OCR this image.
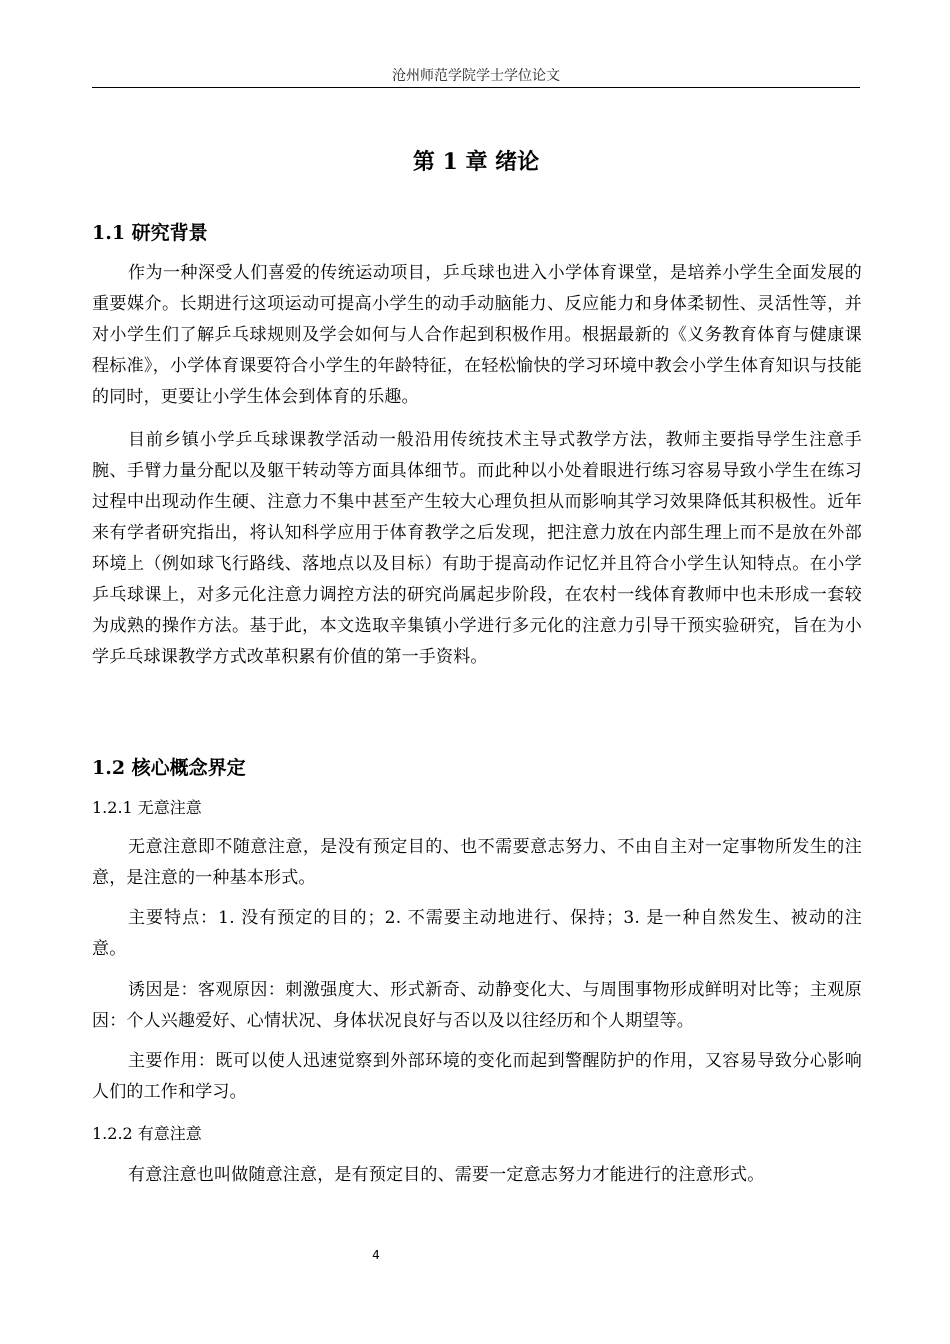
沧州师范学院学士学位论文
第 1 章 绪论
1.1 研究背景

作为一种深受人们喜爱的传统运动项目，乒乓球也进入小学体育课堂，是培养小学生全面发展的重要媒介。长期进行这项运动可提高小学生的动手动脑能力、反应能力和身体柔韧性、灵活性等，并对小学生们了解乒乓球规则及学会如何与人合作起到积极作用。根据最新的《义务教育体育与健康课程标准》，小学体育课要符合小学生的年龄特征，在轻松愉快的学习环境中教会小学生体育知识与技能的同时，更要让小学生体会到体育的乐趣。

目前乡镇小学乒乓球课教学活动一般沿用传统技术主导式教学方法，教师主要指导学生注意手腕、手臂力量分配以及躯干转动等方面具体细节。而此种以小处着眼进行练习容易导致小学生在练习过程中出现动作生硬、注意力不集中甚至产生较大心理负担从而影响其学习效果降低其积极性。近年来有学者研究指出，将认知科学应用于体育教学之后发现，把注意力放在内部生理上而不是放在外部环境上（例如球飞行路线、落地点以及目标）有助于提高动作记忆并且符合小学生认知特点。在小学乒乓球课上，对多元化注意力调控方法的研究尚属起步阶段，在农村一线体育教师中也未形成一套较为成熟的操作方法。基于此，本文选取辛集镇小学进行多元化的注意力引导干预实验研究，旨在为小学乒乓球课教学方式改革积累有价值的第一手资料。

1.2 核心概念界定
1.2.1 无意注意

无意注意即不随意注意，是没有预定目的、也不需要意志努力、不由自主对一定事物所发生的注意，是注意的一种基本形式。

主要特点：1. 没有预定的目的；2. 不需要主动地进行、保持；3. 是一种自然发生、被动的注意。

诱因是：客观原因：刺激强度大、形式新奇、动静变化大、与周围事物形成鲜明对比等；主观原因：个人兴趣爱好、心情状况、身体状况良好与否以及以往经历和个人期望等。

主要作用：既可以使人迅速觉察到外部环境的变化而起到警醒防护的作用，又容易导致分心影响人们的工作和学习。

1.2.2 有意注意

有意注意也叫做随意注意，是有预定目的、需要一定意志努力才能进行的注意形式。

4
